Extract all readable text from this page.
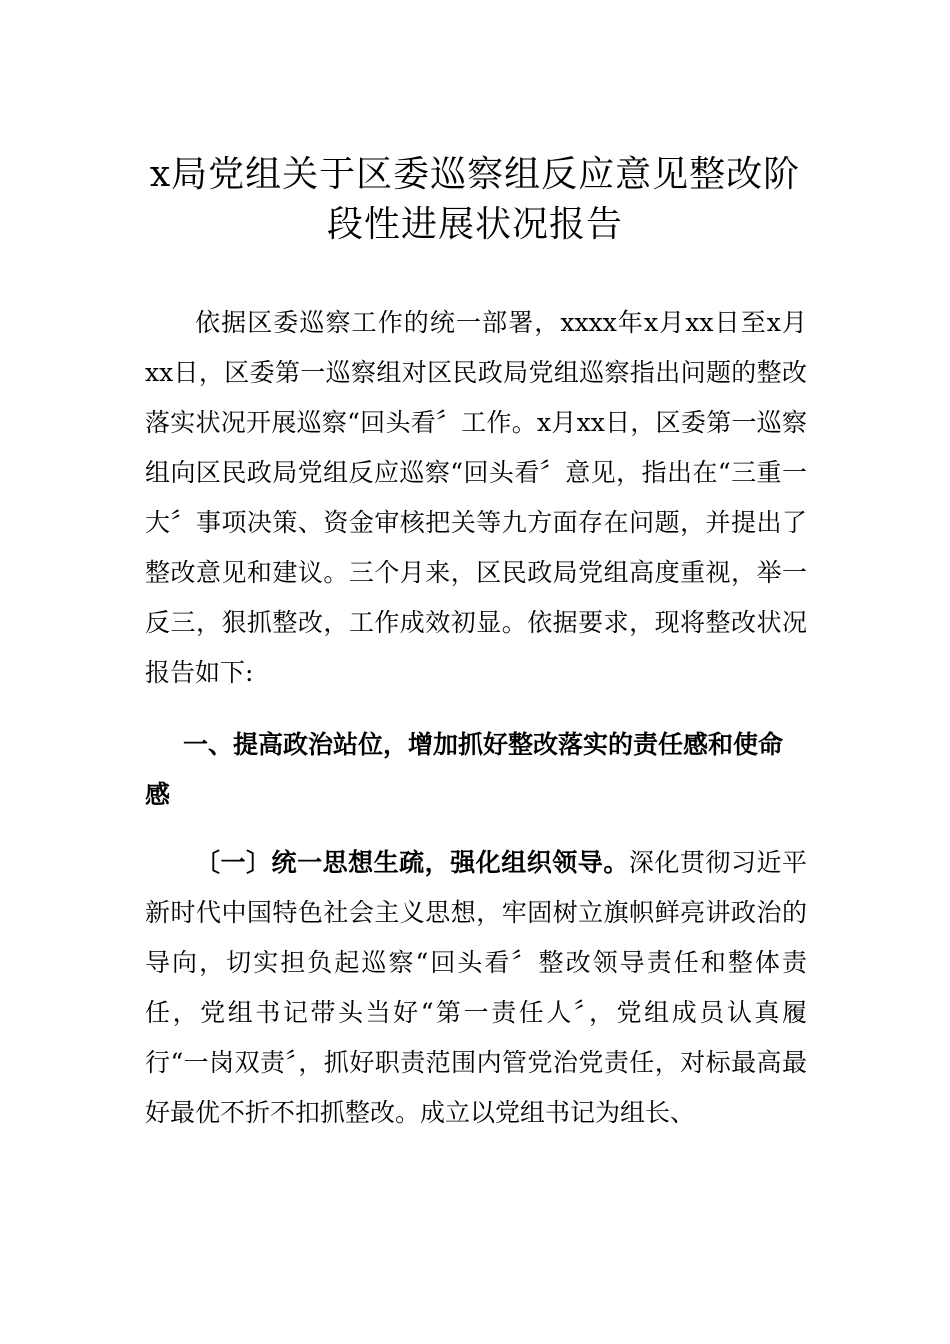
x局党组关于区委巡察组反应意见整改阶段性进展状况报告

依据区委巡察工作的统一部署，xxxx年x月xx日至x月xx日，区委第一巡察组对区民政局党组巡察指出问题的整改落实状况开展巡察“回头看〞工作。x月xx日，区委第一巡察组向区民政局党组反应巡察“回头看〞意见，指出在“三重一大〞事项决策、资金审核把关等九方面存在问题，并提出了整改意见和建议。三个月来，区民政局党组高度重视，举一反三，狠抓整改，工作成效初显。依据要求，现将整改状况报告如下:

一、提高政治站位，增加抓好整改落实的责任感和使命感

〔一〕统一思想生疏，强化组织领导。深化贯彻习近平新时代中国特色社会主义思想，牢固树立旗帜鲜亮讲政治的导向，切实担负起巡察“回头看〞整改领导责任和整体责任，党组书记带头当好“第一责任人〞，党组成员认真履行“一岗双责〞，抓好职责范围内管党治党责任，对标最高最好最优不折不扣抓整改。成立以党组书记为组长、
